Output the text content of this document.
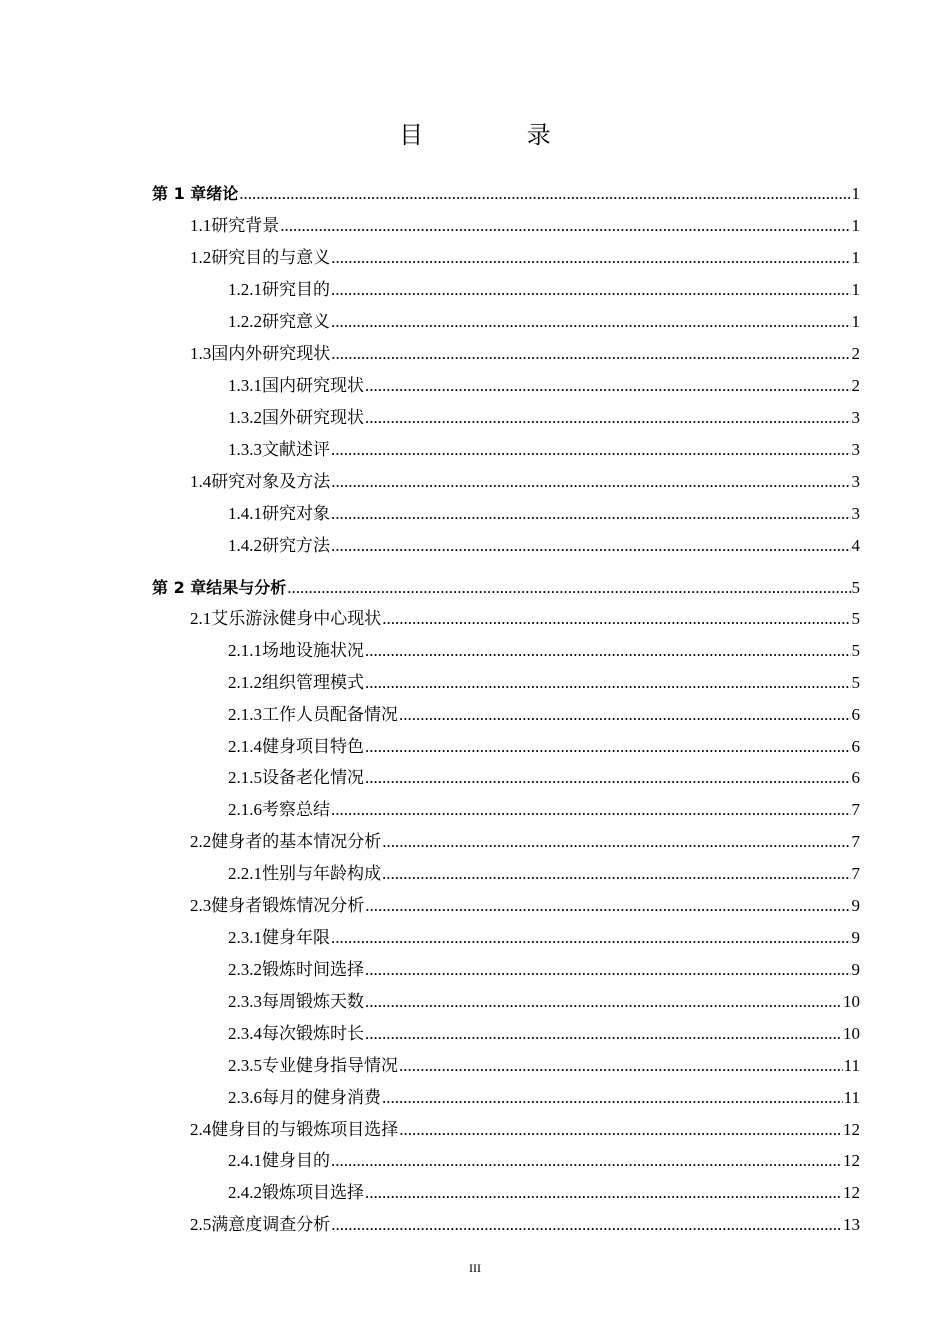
目 录
第 1 章 绪论 .....	1
1.1 研究背景 .....	1
1.2 研究目的与意义 .....	1
1.2.1 研究目的 .....	1
1.2.2 研究意义 .....	1
1.3 国内外研究现状 .....	2
1.3.1 国内研究现状 .....	2
1.3.2 国外研究现状 .....	3
1.3.3 文献述评 .....	3
1.4 研究对象及方法 .....	3
1.4.1 研究对象 .....	3
1.4.2 研究方法 .....	4
第 2 章 结果与分析 .....	5
2.1 艾乐游泳健身中心现状 .....	5
2.1.1 场地设施状况 .....	5
2.1.2 组织管理模式 .....	5
2.1.3 工作人员配备情况 .....	6
2.1.4 健身项目特色 .....	6
2.1.5 设备老化情况 .....	6
2.1.6 考察总结 .....	7
2.2 健身者的基本情况分析 .....	7
2.2.1 性别与年龄构成 .....	7
2.3 健身者锻炼情况分析 .....	9
2.3.1 健身年限 .....	9
2.3.2 锻炼时间选择 .....	9
2.3.3 每周锻炼天数 .....	10
2.3.4 每次锻炼时长 .....	10
2.3.5 专业健身指导情况 .....	11
2.3.6 每月的健身消费 .....	11
2.4 健身目的与锻炼项目选择 .....	12
2.4.1 健身目的 .....	12
2.4.2 锻炼项目选择 .....	12
2.5 满意度调查分析 .....	13
III
